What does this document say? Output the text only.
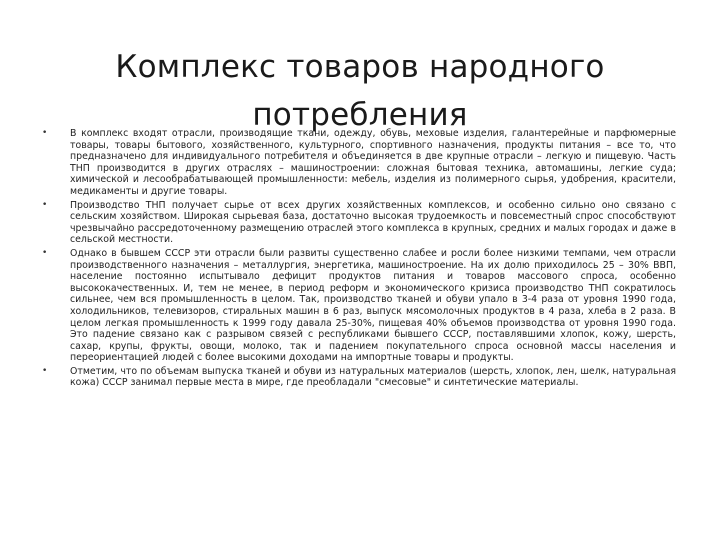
Комплекс товаров народного
потребления
• В комплекс входят отрасли, производящие ткани, одежду, обувь, меховые изделия, галантерейные и парфюмерные товары, товары бытового, хозяйственного, культурного, спортивного назначения, продукты питания – все то, что предназначено для индивидуального потребителя и объединяется в две крупные отрасли – легкую и пищевую. Часть ТНП производится в других отраслях – машиностроении: сложная бытовая техника, автомашины, легкие суда; химической и лесообрабатывающей промышленности: мебель, изделия из полимерного сырья, удобрения, красители, медикаменты и другие товары.
• Производство ТНП получает сырье от всех других хозяйственных комплексов, и особенно сильно оно связано с сельским хозяйством. Широкая сырьевая база, достаточно высокая трудоемкость и повсеместный спрос способствуют чрезвычайно рассредоточенному размещению отраслей этого комплекса в крупных, средних и малых городах и даже в сельской местности.
• Однако в бывшем СССР эти отрасли были развиты существенно слабее и росли более низкими темпами, чем отрасли производственного назначения – металлургия, энергетика, машиностроение. На их долю приходилось 25 – 30% ВВП, население постоянно испытывало дефицит продуктов питания и товаров массового спроса, особенно высококачественных. И, тем не менее, в период реформ и экономического кризиса производство ТНП сократилось сильнее, чем вся промышленность в целом. Так, производство тканей и обуви упало в 3-4 раза от уровня 1990 года, холодильников, телевизоров, стиральных машин в 6 раз, выпуск мясомолочных продуктов в 4 раза, хлеба в 2 раза. В целом легкая промышленность к 1999 году давала 25-30%, пищевая 40% объемов производства от уровня 1990 года. Это падение связано как с разрывом связей с республиками бывшего СССР, поставлявшими хлопок, кожу, шерсть, сахар, крупы, фрукты, овощи, молоко, так и падением покупательного спроса основной массы населения и переориентацией людей с более высокими доходами на импортные товары и продукты.
• Отметим, что по объемам выпуска тканей и обуви из натуральных материалов (шерсть, хлопок, лен, шелк, натуральная кожа) СССР занимал первые места в мире, где преобладали "смесовые" и синтетические материалы.
